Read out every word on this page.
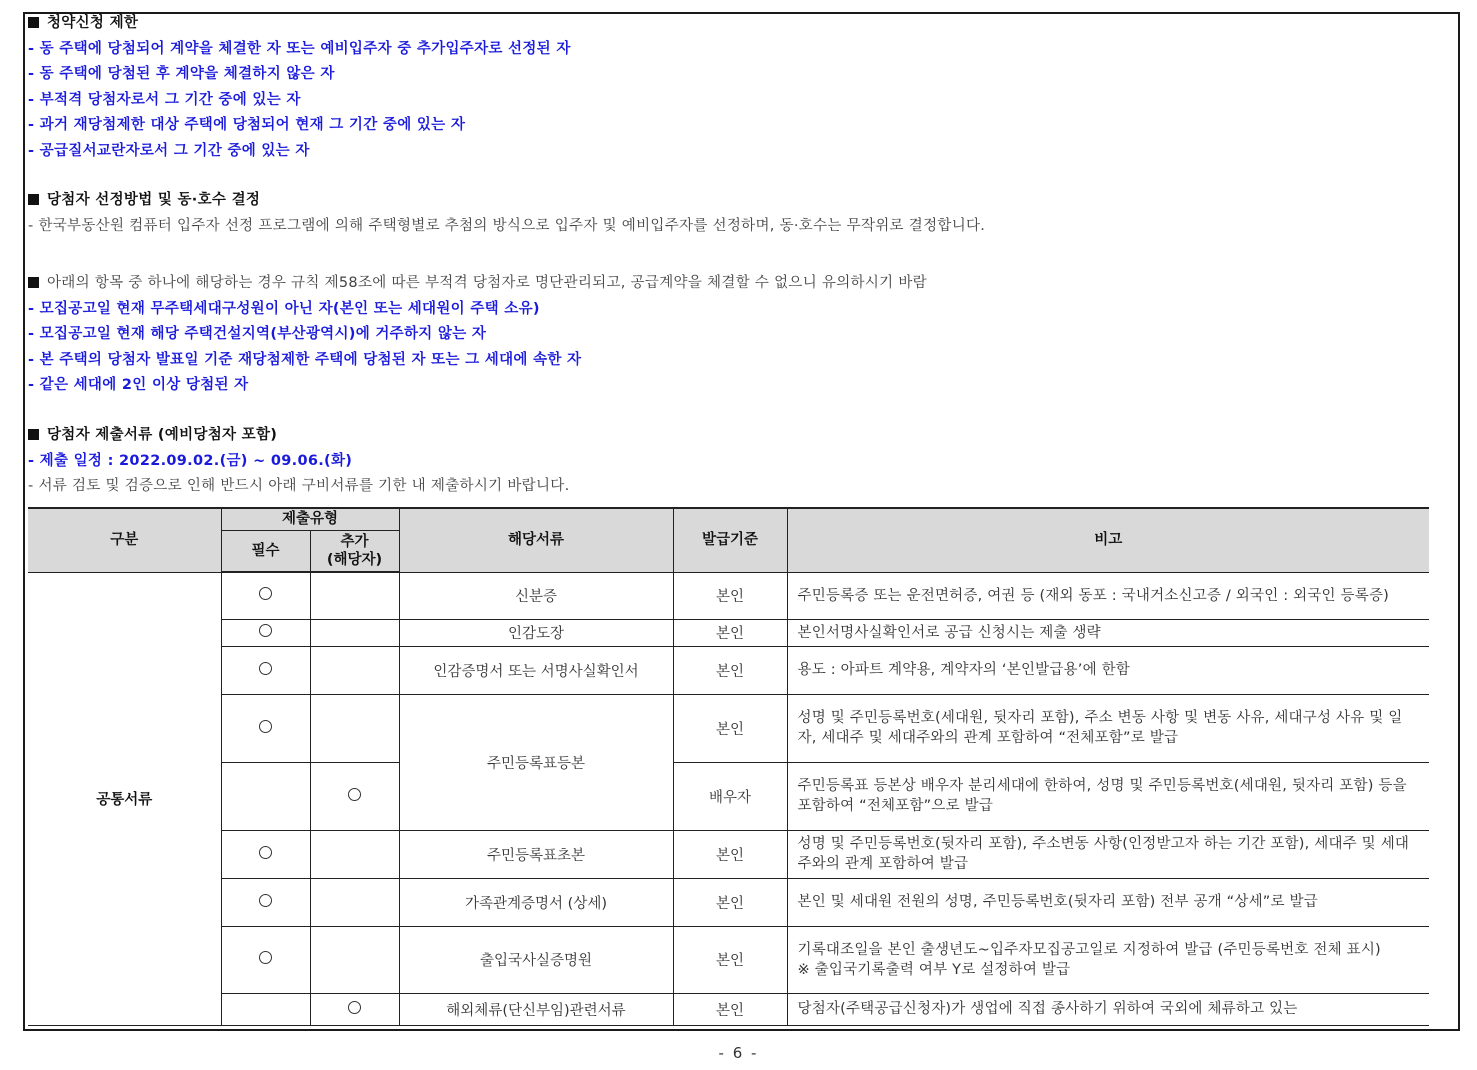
청약신청 제한
- 동 주택에 당첨되어 계약을 체결한 자 또는 예비입주자 중 추가입주자로 선정된 자
- 동 주택에 당첨된 후 계약을 체결하지 않은 자
- 부적격 당첨자로서 그 기간 중에 있는 자
- 과거 재당첨제한 대상 주택에 당첨되어 현재 그 기간 중에 있는 자
- 공급질서교란자로서 그 기간 중에 있는 자
당첨자 선정방법 및 동·호수 결정
- 한국부동산원 컴퓨터 입주자 선정 프로그램에 의해 주택형별로 추첨의 방식으로 입주자 및 예비입주자를 선정하며, 동·호수는 무작위로 결정합니다.
아래의 항목 중 하나에 해당하는 경우 규칙 제58조에 따른 부적격 당첨자로 명단관리되고, 공급계약을 체결할 수 없으니 유의하시기 바람
- 모집공고일 현재 무주택세대구성원이 아닌 자(본인 또는 세대원이 주택 소유)
- 모집공고일 현재 해당 주택건설지역(부산광역시)에 거주하지 않는 자
- 본 주택의 당첨자 발표일 기준 재당첨제한 주택에 당첨된 자 또는 그 세대에 속한 자
- 같은 세대에 2인 이상 당첨된 자
당첨자 제출서류 (예비당첨자 포함)
- 제출 일정 : 2022.09.02.(금) ~ 09.06.(화)
- 서류 검토 및 검증으로 인해 반드시 아래 구비서류를 기한 내 제출하시기 바랍니다.
구분	제출유형		해당서류	발급기준	비고
	필수	추가
(해당자)			

공통서류			신분증	본인	주민등록증 또는 운전면허증, 여권 등 (재외 동포 : 국내거소신고증 / 외국인 : 외국인 등록증)
			인감도장	본인	본인서명사실확인서로 공급 신청시는 제출 생략
			인감증명서 또는 서명사실확인서	본인	용도 : 아파트 계약용, 계약자의 ‘본인발급용’에 한함
			주민등록표등본	본인	성명 및 주민등록번호(세대원, 뒷자리 포함), 주소 변동 사항 및 변동 사유, 세대구성 사유 및 일자, 세대주 및 세대주와의 관계 포함하여 “전체포함”로 발급
				배우자	주민등록표 등본상 배우자 분리세대에 한하여, 성명 및 주민등록번호(세대원, 뒷자리 포함) 등을 포함하여 “전체포함”으로 발급
			주민등록표초본	본인	성명 및 주민등록번호(뒷자리 포함), 주소변동 사항(인정받고자 하는 기간 포함), 세대주 및 세대주와의 관계 포함하여 발급
			가족관계증명서 (상세)	본인	본인 및 세대원 전원의 성명, 주민등록번호(뒷자리 포함) 전부 공개 “상세”로 발급
			출입국사실증명원	본인	기록대조일을 본인 출생년도~입주자모집공고일로 지정하여 발급 (주민등록번호 전체 표시)
※ 출입국기록출력 여부 Y로 설정하여 발급

			해외체류(단신부임)관련서류	본인	당첨자(주택공급신청자)가 생업에 직접 종사하기 위하여 국외에 체류하고 있는
- 6 -
